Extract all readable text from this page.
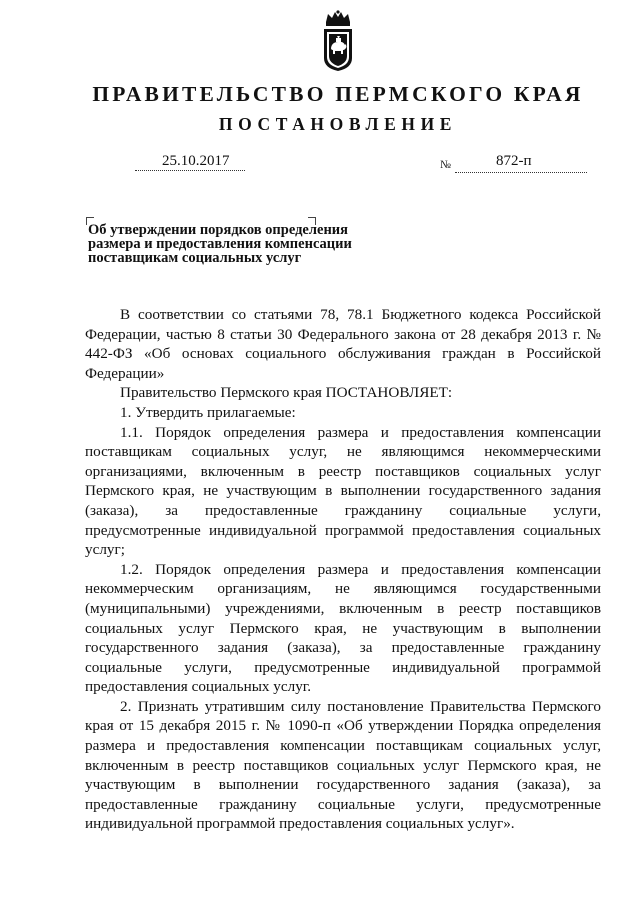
ПРАВИТЕЛЬСТВО ПЕРМСКОГО КРАЯ
ПОСТАНОВЛЕНИЕ
25.10.2017	№	872-п
Об утверждении порядков определения
размера и предоставления компенсации
поставщикам социальных услуг

В соответствии со статьями 78, 78.1 Бюджетного кодекса Российской Федерации, частью 8 статьи 30 Федерального закона от 28 декабря 2013 г. № 442-ФЗ «Об основах социального обслуживания граждан в Российской Федерации»

Правительство Пермского края ПОСТАНОВЛЯЕТ:

1. Утвердить прилагаемые:

1.1. Порядок определения размера и предоставления компенсации поставщикам социальных услуг, не являющимся некоммерческими организациями, включенным в реестр поставщиков социальных услуг Пермского края, не участвующим в выполнении государственного задания (заказа), за предоставленные гражданину социальные услуги, предусмотренные индивидуальной программой предоставления социальных услуг;

1.2. Порядок определения размера и предоставления компенсации некоммерческим организациям, не являющимся государственными (муниципальными) учреждениями, включенным в реестр поставщиков социальных услуг Пермского края, не участвующим в выполнении государственного задания (заказа), за предоставленные гражданину социальные услуги, предусмотренные индивидуальной программой предоставления социальных услуг.

2. Признать утратившим силу постановление Правительства Пермского края от 15 декабря 2015 г. № 1090-п «Об утверждении Порядка определения размера и предоставления компенсации поставщикам социальных услуг, включенным в реестр поставщиков социальных услуг Пермского края, не участвующим в выполнении государственного задания (заказа), за предоставленные гражданину социальные услуги, предусмотренные индивидуальной программой предоставления социальных услуг».
